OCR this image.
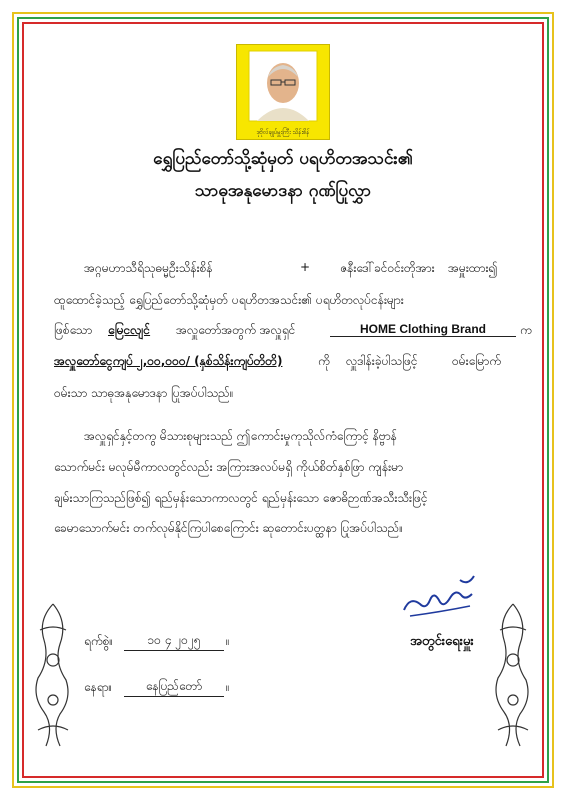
ဒုဗိုလ်ချုပ်မှူးကြီး သိန်းစိန်
ရွှေပြည်တော်သို့ဆုံမှတ် ပရဟိတအသင်း၏
သာဓုအနုမောဒနာ ဂုဏ်ပြုလွှာ
အဂ္ဂမဟာသီရိသုဓမ္မဦးသိန်းစိန်	+ ဇနီးဒေါ်ခင်ဝင်းတိုအား အမှူးထား၍
ထူထောင်ခဲ့သည့် ရွှေပြည်တော်သို့ဆုံမှတ် ပရဟိတအသင်း၏ ပရဟိတလုပ်ငန်းများ
ဖြစ်သော မြေငလျင် အလှူတော်အတွက် အလှူရှင်	HOME Clothing Brand	က
အလှူတော်ငွေကျပ် ၂,၀၀,၀၀၀/ (နှစ်သိန်းကျပ်တိတိ)	ကို လှူဒါန်းခဲ့ပါသဖြင့်	ဝမ်းမြောက်
ဝမ်းသာ သာဓုအနုမောဒနာ ပြုအပ်ပါသည်။
အလှူရှင်နှင့်တကွ မိသားစုများသည် ဤကောင်းမှုကုသိုလ်ကံကြောင့် နိဗ္ဗာန်
သောက်မင်း မလုမ်မီကာလတွင်လည်း အကြားအလပ်မရှိ ကိုယ်စိတ်နှစ်ဖြာ ကျန်းမာ
ချမ်းသာကြသည်ဖြစ်၍ ရည်မှန်းသောကာလတွင် ရည်မှန်းသော ဇောဓိဉာဏ်အသီးသီးဖြင့်
ခေမာသောက်မင်း တက်လုမ်နိုင်ကြပါစေကြောင်း ဆုတောင်းပတ္ထနာ ပြုအပ်ပါသည်။
ရက်စွဲ။	၁၀ ၄ ၂၀၂၅	။
နေရာ။	နေပြည်တော်	။
အတွင်းရေးမှူး
